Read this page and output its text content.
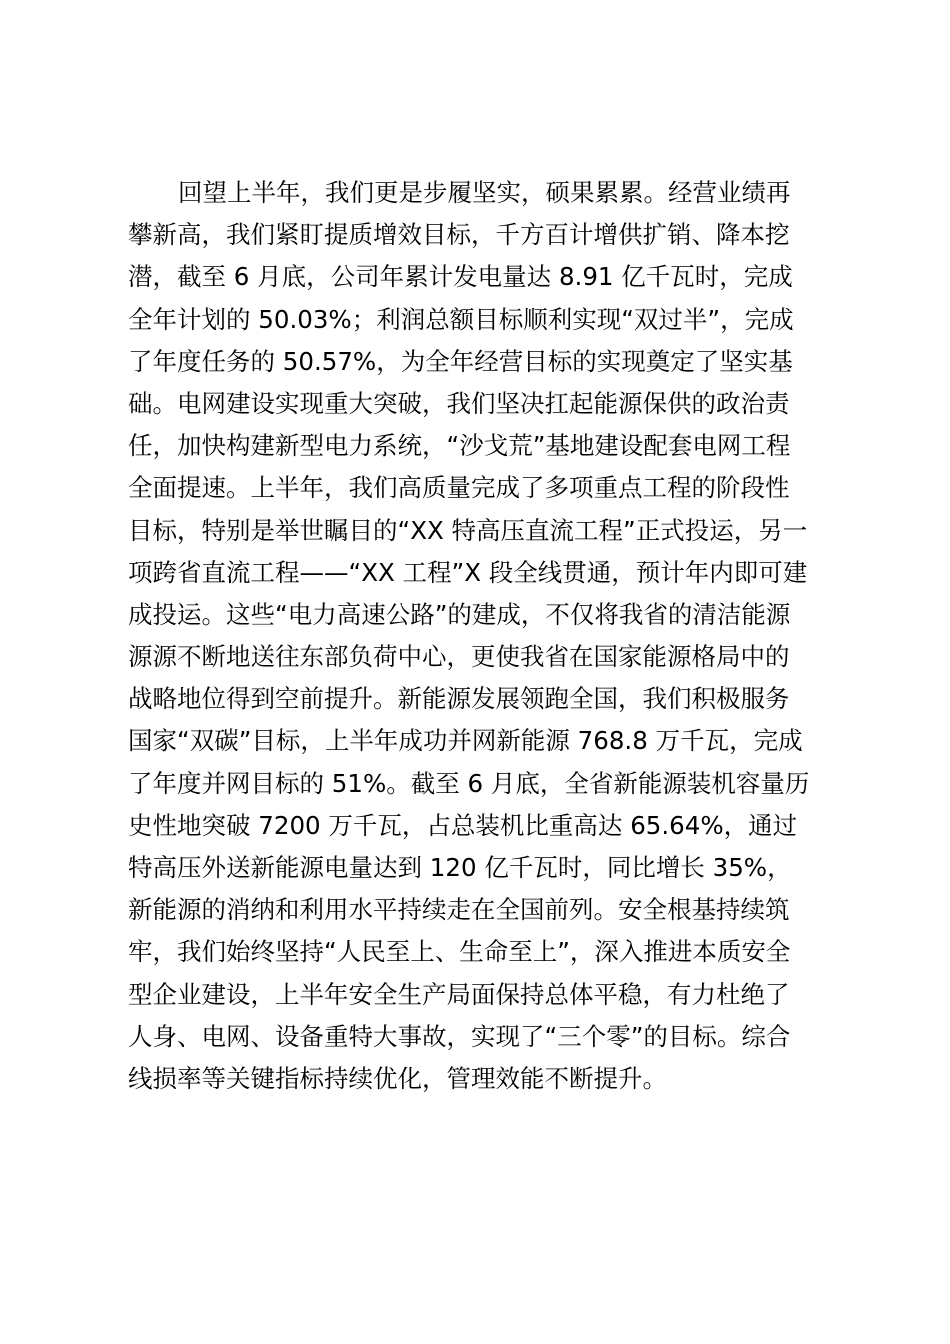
回望上半年，我们更是步履坚实，硕果累累。经营业绩再
攀新高，我们紧盯提质增效目标，千方百计增供扩销、降本挖
潜，截至 6 月底，公司年累计发电量达 8.91 亿千瓦时，完成
全年计划的 50.03%；利润总额目标顺利实现“双过半”，完成
了年度任务的 50.57%，为全年经营目标的实现奠定了坚实基
础。电网建设实现重大突破，我们坚决扛起能源保供的政治责
任，加快构建新型电力系统，“沙戈荒”基地建设配套电网工程
全面提速。上半年，我们高质量完成了多项重点工程的阶段性
目标，特别是举世瞩目的“XX 特高压直流工程”正式投运，另一
项跨省直流工程——“XX 工程”X 段全线贯通，预计年内即可建
成投运。这些“电力高速公路”的建成，不仅将我省的清洁能源
源源不断地送往东部负荷中心，更使我省在国家能源格局中的
战略地位得到空前提升。新能源发展领跑全国，我们积极服务
国家“双碳”目标，上半年成功并网新能源 768.8 万千瓦，完成
了年度并网目标的 51%。截至 6 月底，全省新能源装机容量历
史性地突破 7200 万千瓦，占总装机比重高达 65.64%，通过
特高压外送新能源电量达到 120 亿千瓦时，同比增长 35%，
新能源的消纳和利用水平持续走在全国前列。安全根基持续筑
牢，我们始终坚持“人民至上、生命至上”，深入推进本质安全
型企业建设，上半年安全生产局面保持总体平稳，有力杜绝了
人身、电网、设备重特大事故，实现了“三个零”的目标。综合
线损率等关键指标持续优化，管理效能不断提升。
